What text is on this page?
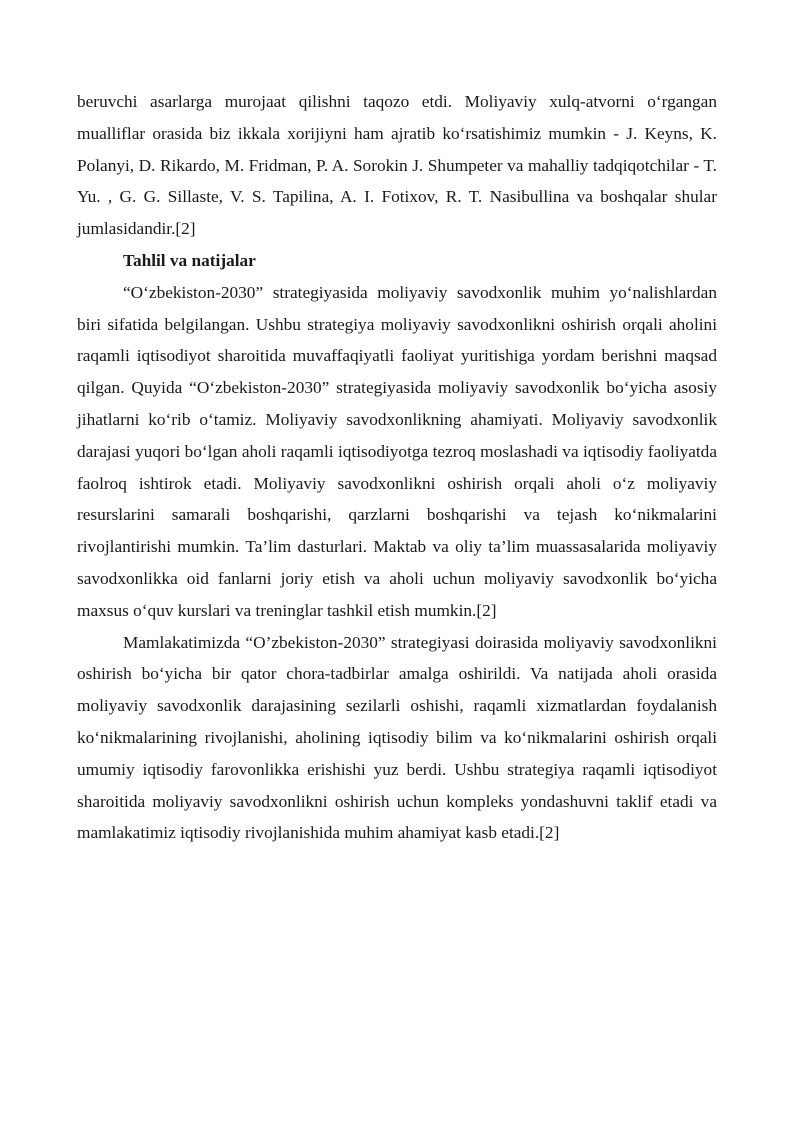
beruvchi asarlarga murojaat qilishni taqozo etdi. Moliyaviy xulq-atvorni o‘rgangan mualliflar orasida biz ikkala xorijiyni ham ajratib ko‘rsatishimiz mumkin - J. Keyns, K. Polanyi, D. Rikardo, M. Fridman, P. A. Sorokin J. Shumpeter va mahalliy tadqiqotchilar - T. Yu. , G. G. Sillaste, V. S. Tapilina, A. I. Fotixov, R. T. Nasibullina va boshqalar shular jumlasidandir.[2]

Tahlil va natijalar

“O‘zbekiston-2030” strategiyasida moliyaviy savodxonlik muhim yo‘nalishlardan biri sifatida belgilangan. Ushbu strategiya moliyaviy savodxonlikni oshirish orqali aholini raqamli iqtisodiyot sharoitida muvaffaqiyatli faoliyat yuritishiga yordam berishni maqsad qilgan. Quyida “O‘zbekiston-2030” strategiyasida moliyaviy savodxonlik bo‘yicha asosiy jihatlarni ko‘rib o‘tamiz. Moliyaviy savodxonlikning ahamiyati. Moliyaviy savodxonlik darajasi yuqori bo‘lgan aholi raqamli iqtisodiyotga tezroq moslashadi va iqtisodiy faoliyatda faolroq ishtirok etadi. Moliyaviy savodxonlikni oshirish orqali aholi o‘z moliyaviy resurslarini samarali boshqarishi, qarzlarni boshqarishi va tejash ko‘nikmalarini rivojlantirishi mumkin. Ta’lim dasturlari. Maktab va oliy ta’lim muassasalarida moliyaviy savodxonlikka oid fanlarni joriy etish va aholi uchun moliyaviy savodxonlik bo‘yicha maxsus o‘quv kurslari va treninglar tashkil etish mumkin.[2]

Mamlakatimizda “O’zbekiston-2030” strategiyasi doirasida moliyaviy savodxonlikni oshirish bo‘yicha bir qator chora-tadbirlar amalga oshirildi. Va natijada aholi orasida moliyaviy savodxonlik darajasining sezilarli oshishi, raqamli xizmatlardan foydalanish ko‘nikmalarining rivojlanishi, aholining iqtisodiy bilim va ko‘nikmalarini oshirish orqali umumiy iqtisodiy farovonlikka erishishi yuz berdi. Ushbu strategiya raqamli iqtisodiyot sharoitida moliyaviy savodxonlikni oshirish uchun kompleks yondashuvni taklif etadi va mamlakatimiz iqtisodiy rivojlanishida muhim ahamiyat kasb etadi.[2]
